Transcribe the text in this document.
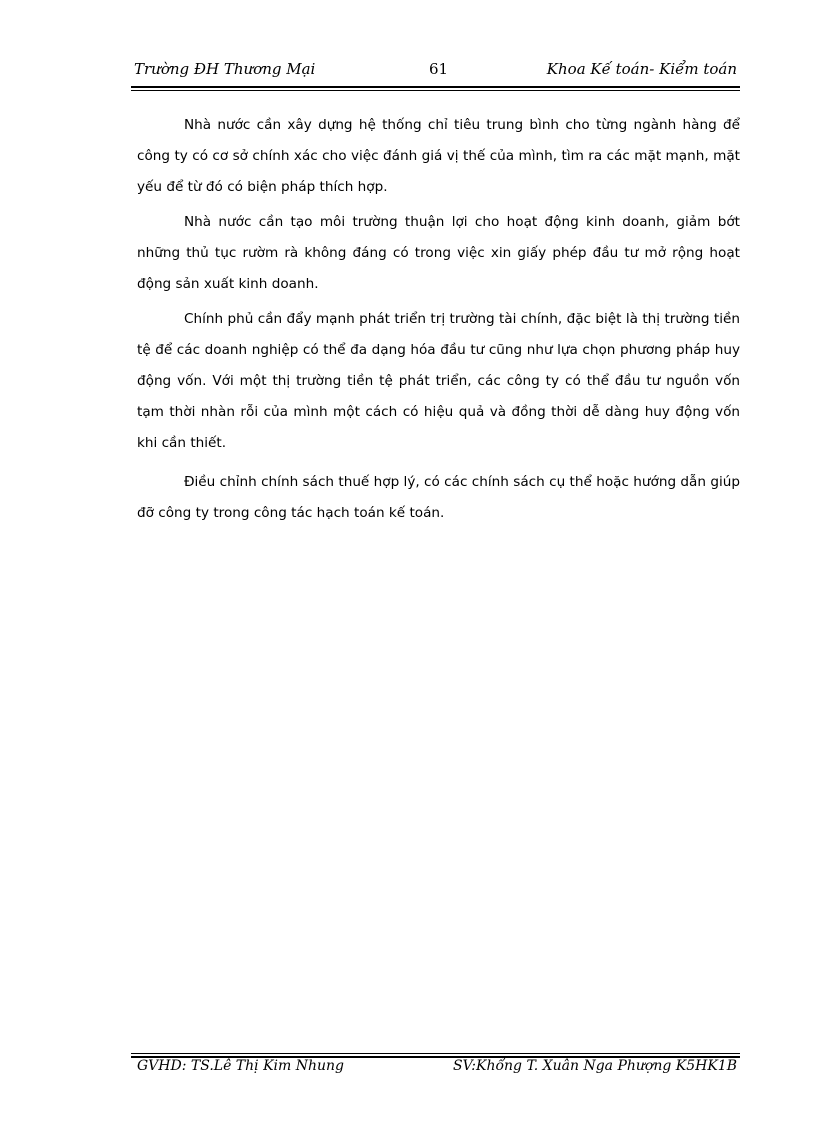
Trường ĐH Thương Mại	61	Khoa Kế toán- Kiểm toán

Nhà nước cần xây dựng hệ thống chỉ tiêu trung bình cho từng ngành hàng để công ty có cơ sở chính xác cho việc đánh giá vị thế của mình, tìm ra các mặt mạnh, mặt yếu để từ đó có biện pháp thích hợp.

Nhà nước cần tạo môi trường thuận lợi cho hoạt động kinh doanh, giảm bớt những thủ tục rườm rà không đáng có trong việc xin giấy phép đầu tư mở rộng hoạt động sản xuất kinh doanh.

Chính phủ cần đẩy mạnh phát triển trị trường tài chính, đặc biệt là thị trường tiền tệ để các doanh nghiệp có thể đa dạng hóa đầu tư cũng như lựa chọn phương pháp huy động vốn. Với một thị trường tiền tệ phát triển, các công ty có thể đầu tư nguồn vốn tạm thời nhàn rỗi của mình một cách có hiệu quả và đồng thời dễ dàng huy động vốn khi cần thiết.

Điều chỉnh chính sách thuế hợp lý, có các chính sách cụ thể hoặc hướng dẫn giúp đỡ công ty trong công tác hạch toán kế toán.

GVHD: TS.Lê Thị Kim Nhung	SV:Khổng T. Xuân Nga Phượng K5HK1B
